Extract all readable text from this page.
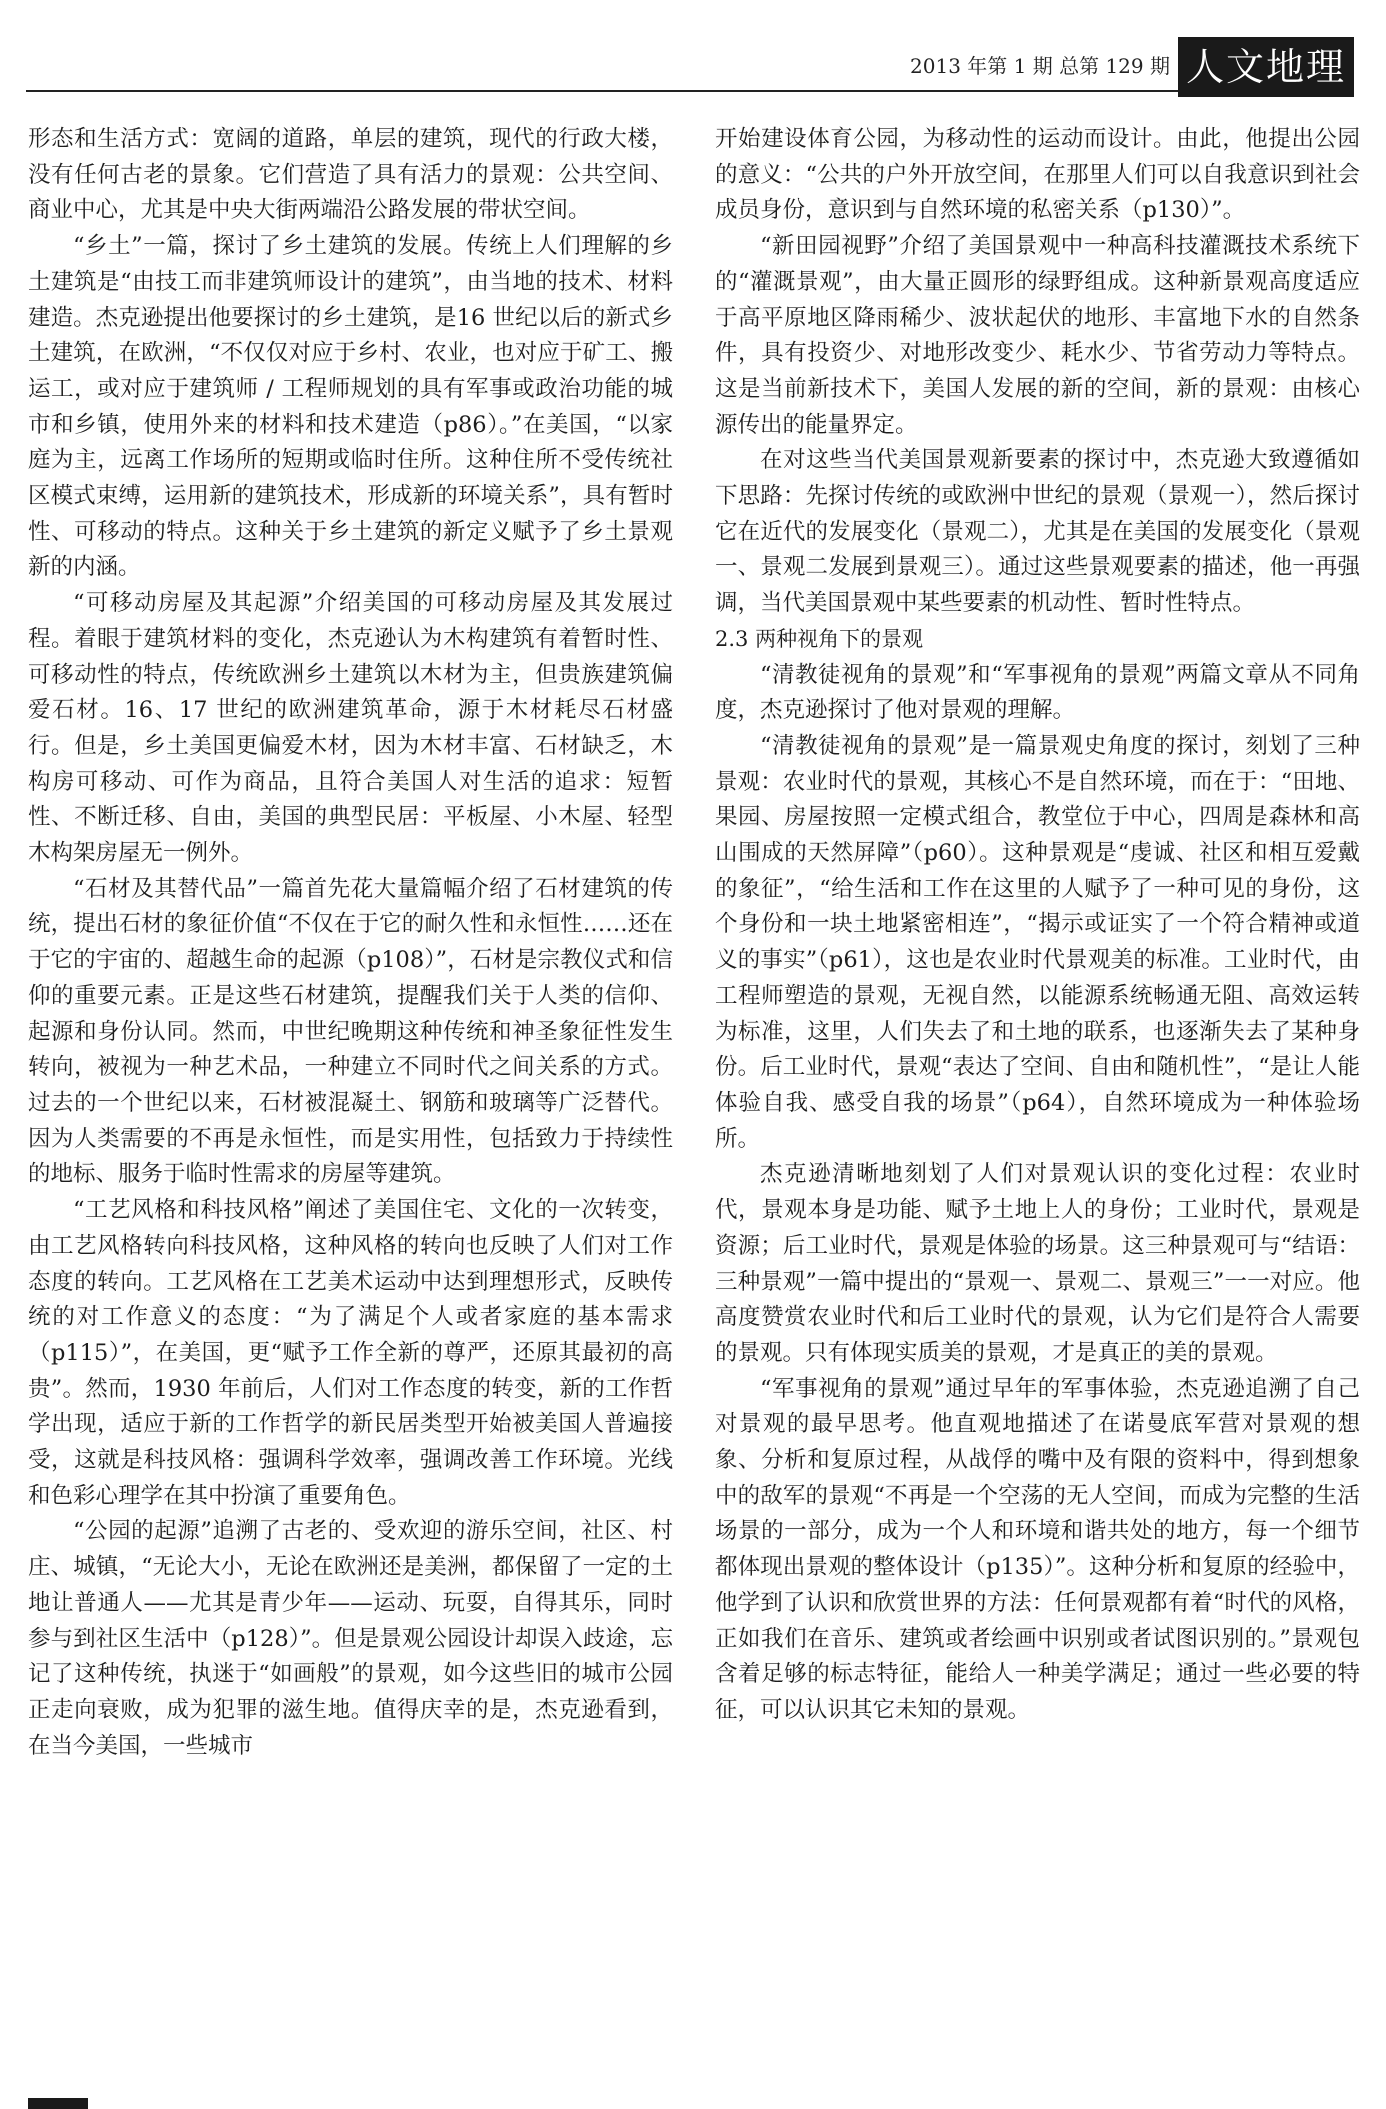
2013 年第 1 期 总第 129 期 人文地理

形态和生活方式：宽阔的道路，单层的建筑，现代的行政大楼，没有任何古老的景象。它们营造了具有活力的景观：公共空间、商业中心，尤其是中央大街两端沿公路发展的带状空间。

“乡土”一篇，探讨了乡土建筑的发展。传统上人们理解的乡土建筑是“由技工而非建筑师设计的建筑”，由当地的技术、材料建造。杰克逊提出他要探讨的乡土建筑，是16 世纪以后的新式乡土建筑，在欧洲，“不仅仅对应于乡村、农业，也对应于矿工、搬运工，或对应于建筑师 / 工程师规划的具有军事或政治功能的城市和乡镇，使用外来的材料和技术建造（p86）。”在美国，“以家庭为主，远离工作场所的短期或临时住所。这种住所不受传统社区模式束缚，运用新的建筑技术，形成新的环境关系”，具有暂时性、可移动的特点。这种关于乡土建筑的新定义赋予了乡土景观新的内涵。

“可移动房屋及其起源”介绍美国的可移动房屋及其发展过程。着眼于建筑材料的变化，杰克逊认为木构建筑有着暂时性、可移动性的特点，传统欧洲乡土建筑以木材为主，但贵族建筑偏爱石材。16、17 世纪的欧洲建筑革命，源于木材耗尽石材盛行。但是，乡土美国更偏爱木材，因为木材丰富、石材缺乏，木构房可移动、可作为商品，且符合美国人对生活的追求：短暂性、不断迁移、自由，美国的典型民居：平板屋、小木屋、轻型木构架房屋无一例外。

“石材及其替代品”一篇首先花大量篇幅介绍了石材建筑的传统，提出石材的象征价值“不仅在于它的耐久性和永恒性……还在于它的宇宙的、超越生命的起源（p108）”，石材是宗教仪式和信仰的重要元素。正是这些石材建筑，提醒我们关于人类的信仰、起源和身份认同。然而，中世纪晚期这种传统和神圣象征性发生转向，被视为一种艺术品，一种建立不同时代之间关系的方式。过去的一个世纪以来，石材被混凝土、钢筋和玻璃等广泛替代。因为人类需要的不再是永恒性，而是实用性，包括致力于持续性的地标、服务于临时性需求的房屋等建筑。

“工艺风格和科技风格”阐述了美国住宅、文化的一次转变，由工艺风格转向科技风格，这种风格的转向也反映了人们对工作态度的转向。工艺风格在工艺美术运动中达到理想形式，反映传统的对工作意义的态度：“为了满足个人或者家庭的基本需求（p115）”，在美国，更“赋予工作全新的尊严，还原其最初的高贵”。然而，1930 年前后，人们对工作态度的转变，新的工作哲学出现，适应于新的工作哲学的新民居类型开始被美国人普遍接受，这就是科技风格：强调科学效率，强调改善工作环境。光线和色彩心理学在其中扮演了重要角色。

“公园的起源”追溯了古老的、受欢迎的游乐空间，社区、村庄、城镇，“无论大小，无论在欧洲还是美洲，都保留了一定的土地让普通人——尤其是青少年——运动、玩耍，自得其乐，同时参与到社区生活中（p128）”。但是景观公园设计却误入歧途，忘记了这种传统，执迷于“如画般”的景观，如今这些旧的城市公园正走向衰败，成为犯罪的滋生地。值得庆幸的是，杰克逊看到，在当今美国，一些城市

开始建设体育公园，为移动性的运动而设计。由此，他提出公园的意义：“公共的户外开放空间，在那里人们可以自我意识到社会成员身份，意识到与自然环境的私密关系（p130）”。

“新田园视野”介绍了美国景观中一种高科技灌溉技术系统下的“灌溉景观”，由大量正圆形的绿野组成。这种新景观高度适应于高平原地区降雨稀少、波状起伏的地形、丰富地下水的自然条件，具有投资少、对地形改变少、耗水少、节省劳动力等特点。这是当前新技术下，美国人发展的新的空间，新的景观：由核心源传出的能量界定。

在对这些当代美国景观新要素的探讨中，杰克逊大致遵循如下思路：先探讨传统的或欧洲中世纪的景观（景观一），然后探讨它在近代的发展变化（景观二），尤其是在美国的发展变化（景观一、景观二发展到景观三）。通过这些景观要素的描述，他一再强调，当代美国景观中某些要素的机动性、暂时性特点。

2.3 两种视角下的景观

“清教徒视角的景观”和“军事视角的景观”两篇文章从不同角度，杰克逊探讨了他对景观的理解。

“清教徒视角的景观”是一篇景观史角度的探讨，刻划了三种景观：农业时代的景观，其核心不是自然环境，而在于：“田地、果园、房屋按照一定模式组合，教堂位于中心，四周是森林和高山围成的天然屏障”（p60）。这种景观是“虔诚、社区和相互爱戴的象征”，“给生活和工作在这里的人赋予了一种可见的身份，这个身份和一块土地紧密相连”，“揭示或证实了一个符合精神或道义的事实”（p61），这也是农业时代景观美的标准。工业时代，由工程师塑造的景观，无视自然，以能源系统畅通无阻、高效运转为标准，这里，人们失去了和土地的联系，也逐渐失去了某种身份。后工业时代，景观“表达了空间、自由和随机性”，“是让人能体验自我、感受自我的场景”（p64），自然环境成为一种体验场所。

杰克逊清晰地刻划了人们对景观认识的变化过程：农业时代，景观本身是功能、赋予土地上人的身份；工业时代，景观是资源；后工业时代，景观是体验的场景。这三种景观可与“结语：三种景观”一篇中提出的“景观一、景观二、景观三”一一对应。他高度赞赏农业时代和后工业时代的景观，认为它们是符合人需要的景观。只有体现实质美的景观，才是真正的美的景观。

“军事视角的景观”通过早年的军事体验，杰克逊追溯了自己对景观的最早思考。他直观地描述了在诺曼底军营对景观的想象、分析和复原过程，从战俘的嘴中及有限的资料中，得到想象中的敌军的景观“不再是一个空荡的无人空间，而成为完整的生活场景的一部分，成为一个人和环境和谐共处的地方，每一个细节都体现出景观的整体设计（p135）”。这种分析和复原的经验中，他学到了认识和欣赏世界的方法：任何景观都有着“时代的风格，正如我们在音乐、建筑或者绘画中识别或者试图识别的。”景观包含着足够的标志特征，能给人一种美学满足；通过一些必要的特征，可以认识其它未知的景观。
